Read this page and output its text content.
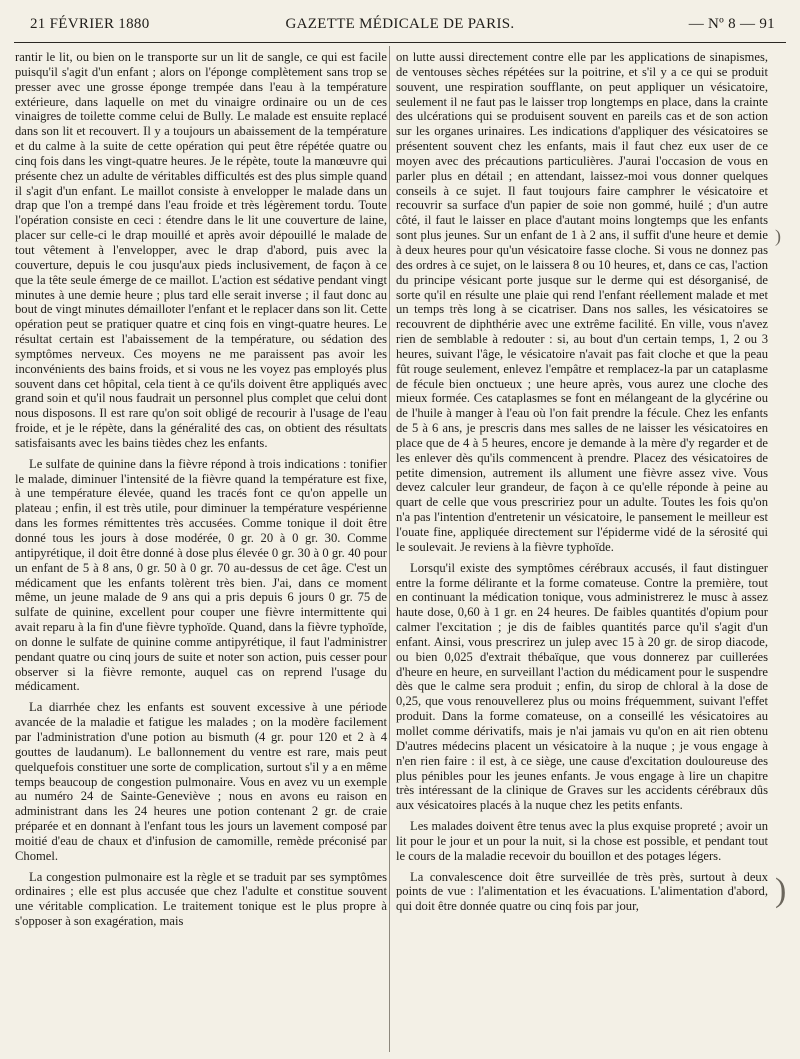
21 FÉVRIER 1880	GAZETTE MÉDICALE DE PARIS.	— Nº 8 — 91

rantir le lit, ou bien on le transporte sur un lit de sangle, ce qui est facile puisqu'il s'agit d'un enfant ; alors on l'éponge complètement sans trop se presser avec une grosse éponge trempée dans l'eau à la température extérieure, dans laquelle on met du vinaigre ordinaire ou un de ces vinaigres de toilette comme celui de Bully. Le malade est ensuite replacé dans son lit et recouvert. Il y a toujours un abaissement de la température et du calme à la suite de cette opération qui peut être répétée quatre ou cinq fois dans les vingt-quatre heures. Je le répète, toute la manœuvre qui présente chez un adulte de véritables difficultés est des plus simple quand il s'agit d'un enfant. Le maillot consiste à envelopper le malade dans un drap que l'on a trempé dans l'eau froide et très légèrement tordu. Toute l'opération consiste en ceci : étendre dans le lit une couverture de laine, placer sur celle-ci le drap mouillé et après avoir dépouillé le malade de tout vêtement à l'envelopper, avec le drap d'abord, puis avec la couverture, depuis le cou jusqu'aux pieds inclusivement, de façon à ce que la tête seule émerge de ce maillot. L'action est sédative pendant vingt minutes à une demie heure ; plus tard elle serait inverse ; il faut donc au bout de vingt minutes démailloter l'enfant et le replacer dans son lit. Cette opération peut se pratiquer quatre et cinq fois en vingt-quatre heures. Le résultat certain est l'abaissement de la température, ou sédation des symptômes nerveux. Ces moyens ne me paraissent pas avoir les inconvénients des bains froids, et si vous ne les voyez pas employés plus souvent dans cet hôpital, cela tient à ce qu'ils doivent être appliqués avec grand soin et qu'il nous faudrait un personnel plus complet que celui dont nous disposons. Il est rare qu'on soit obligé de recourir à l'usage de l'eau froide, et je le répète, dans la généralité des cas, on obtient des résultats satisfaisants avec les bains tièdes chez les enfants.

Le sulfate de quinine dans la fièvre répond à trois indications : tonifier le malade, diminuer l'intensité de la fièvre quand la température est fixe, à une température élevée, quand les tracés font ce qu'on appelle un plateau ; enfin, il est très utile, pour diminuer la température vespérienne dans les formes rémittentes très accusées. Comme tonique il doit être donné tous les jours à dose modérée, 0 gr. 20 à 0 gr. 30. Comme antipyrétique, il doit être donné à dose plus élevée 0 gr. 30 à 0 gr. 40 pour un enfant de 5 à 8 ans, 0 gr. 50 à 0 gr. 70 au-dessus de cet âge. C'est un médicament que les enfants tolèrent très bien. J'ai, dans ce moment même, un jeune malade de 9 ans qui a pris depuis 6 jours 0 gr. 75 de sulfate de quinine, excellent pour couper une fièvre intermittente qui avait reparu à la fin d'une fièvre typhoïde. Quand, dans la fièvre typhoïde, on donne le sulfate de quinine comme antipyrétique, il faut l'administrer pendant quatre ou cinq jours de suite et noter son action, puis cesser pour observer si la fièvre remonte, auquel cas on reprend l'usage du médicament.

La diarrhée chez les enfants est souvent excessive à une période avancée de la maladie et fatigue les malades ; on la modère facilement par l'administration d'une potion au bismuth (4 gr. pour 120 et 2 à 4 gouttes de laudanum). Le ballonnement du ventre est rare, mais peut quelquefois constituer une sorte de complication, surtout s'il y a en même temps beaucoup de congestion pulmonaire. Vous en avez vu un exemple au numéro 24 de Sainte-Geneviève ; nous en avons eu raison en administrant dans les 24 heures une potion contenant 2 gr. de craie préparée et en donnant à l'enfant tous les jours un lavement composé par moitié d'eau de chaux et d'infusion de camomille, remède préconisé par Chomel.

La congestion pulmonaire est la règle et se traduit par ses symptômes ordinaires ; elle est plus accusée que chez l'adulte et constitue souvent une véritable complication. Le traitement tonique est le plus propre à s'opposer à son exagération, mais

on lutte aussi directement contre elle par les applications de sinapismes, de ventouses sèches répétées sur la poitrine, et s'il y a ce qui se produit souvent, une respiration soufflante, on peut appliquer un vésicatoire, seulement il ne faut pas le laisser trop longtemps en place, dans la crainte des ulcérations qui se produisent souvent en pareils cas et de son action sur les organes urinaires. Les indications d'appliquer des vésicatoires se présentent souvent chez les enfants, mais il faut chez eux user de ce moyen avec des précautions particulières. J'aurai l'occasion de vous en parler plus en détail ; en attendant, laissez-moi vous donner quelques conseils à ce sujet. Il faut toujours faire camphrer le vésicatoire et recouvrir sa surface d'un papier de soie non gommé, huilé ; d'un autre côté, il faut le laisser en place d'autant moins longtemps que les enfants sont plus jeunes. Sur un enfant de 1 à 2 ans, il suffit d'une heure et demie à deux heures pour qu'un vésicatoire fasse cloche. Si vous ne donnez pas des ordres à ce sujet, on le laissera 8 ou 10 heures, et, dans ce cas, l'action du principe vésicant porte jusque sur le derme qui est désorganisé, de sorte qu'il en résulte une plaie qui rend l'enfant réellement malade et met un temps très long à se cicatriser. Dans nos salles, les vésicatoires se recouvrent de diphthérie avec une extrême facilité. En ville, vous n'avez rien de semblable à redouter : si, au bout d'un certain temps, 1, 2 ou 3 heures, suivant l'âge, le vésicatoire n'avait pas fait cloche et que la peau fût rouge seulement, enlevez l'empâtre et remplacez-la par un cataplasme de fécule bien onctueux ; une heure après, vous aurez une cloche des mieux formée. Ces cataplasmes se font en mélangeant de la glycérine ou de l'huile à manger à l'eau où l'on fait prendre la fécule. Chez les enfants de 5 à 6 ans, je prescris dans mes salles de ne laisser les vésicatoires en place que de 4 à 5 heures, encore je demande à la mère d'y regarder et de les enlever dès qu'ils commencent à prendre. Placez des vésicatoires de petite dimension, autrement ils allument une fièvre assez vive. Vous devez calculer leur grandeur, de façon à ce qu'elle réponde à peine au quart de celle que vous prescririez pour un adulte. Toutes les fois qu'on n'a pas l'intention d'entretenir un vésicatoire, le pansement le meilleur est l'ouate fine, appliquée directement sur l'épiderme vidé de la sérosité qui le soulevait. Je reviens à la fièvre typhoïde.

Lorsqu'il existe des symptômes cérébraux accusés, il faut distinguer entre la forme délirante et la forme comateuse. Contre la première, tout en continuant la médication tonique, vous administrerez le musc à assez haute dose, 0,60 à 1 gr. en 24 heures. De faibles quantités d'opium pour calmer l'excitation ; je dis de faibles quantités parce qu'il s'agit d'un enfant. Ainsi, vous prescrirez un julep avec 15 à 20 gr. de sirop diacode, ou bien 0,025 d'extrait thébaïque, que vous donnerez par cuillerées d'heure en heure, en surveillant l'action du médicament pour le suspendre dès que le calme sera produit ; enfin, du sirop de chloral à la dose de 0,25, que vous renouvellerez plus ou moins fréquemment, suivant l'effet produit. Dans la forme comateuse, on a conseillé les vésicatoires au mollet comme dérivatifs, mais je n'ai jamais vu qu'on en ait rien obtenu D'autres médecins placent un vésicatoire à la nuque ; je vous engage à n'en rien faire : il est, à ce siège, une cause d'excitation douloureuse des plus pénibles pour les jeunes enfants. Je vous engage à lire un chapitre très intéressant de la clinique de Graves sur les accidents cérébraux dûs aux vésicatoires placés à la nuque chez les petits enfants.

Les malades doivent être tenus avec la plus exquise propreté ; avoir un lit pour le jour et un pour la nuit, si la chose est possible, et pendant tout le cours de la maladie recevoir du bouillon et des potages légers.

La convalescence doit être surveillée de très près, surtout à deux points de vue : l'alimentation et les évacuations. L'alimentation d'abord, qui doit être donnée quatre ou cinq fois par jour,

)
)
